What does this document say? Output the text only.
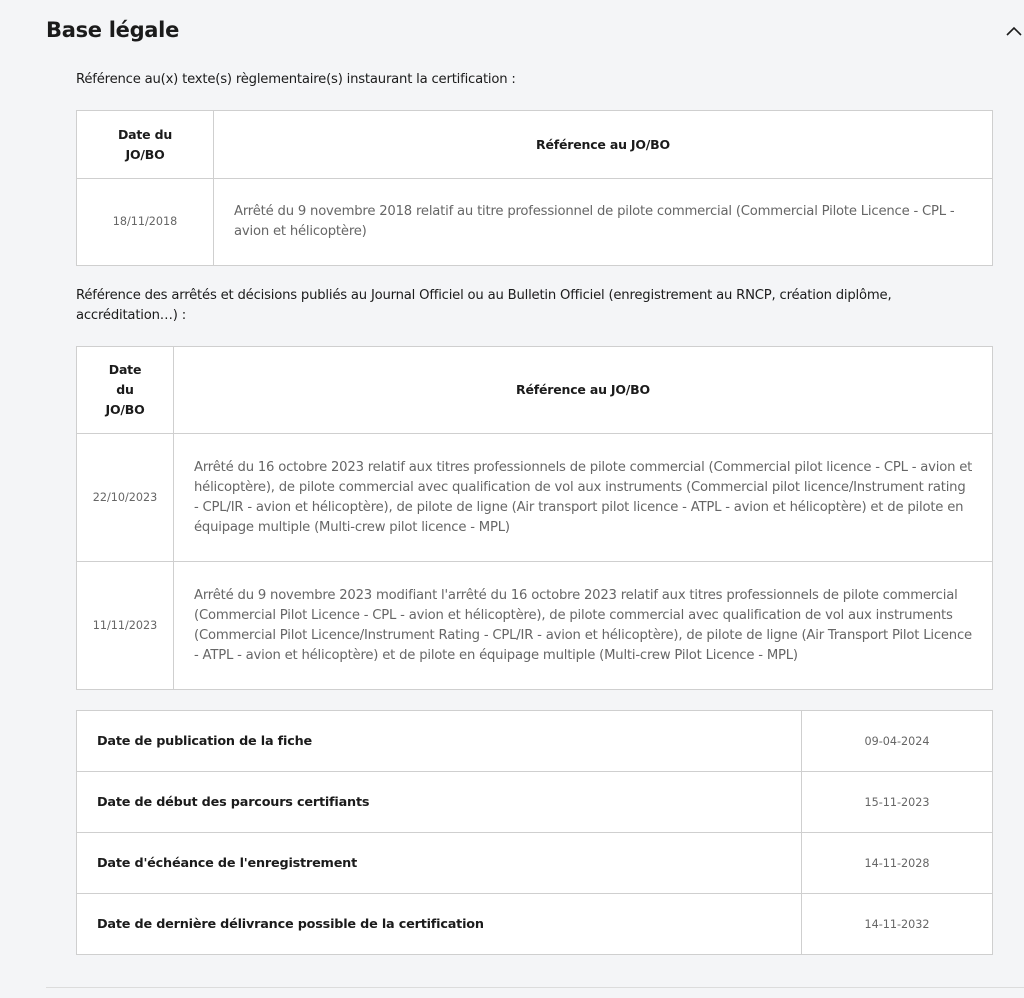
Base légale

Référence au(x) texte(s) règlementaire(s) instaurant la certification :

Date du JO/BO	Référence au JO/BO
18/11/2018	Arrêté du 9 novembre 2018 relatif au titre professionnel de pilote commercial (Commercial Pilote Licence - CPL - avion et hélicoptère)

Référence des arrêtés et décisions publiés au Journal Officiel ou au Bulletin Officiel (enregistrement au RNCP, création diplôme, accréditation…) :

Date du JO/BO	Référence au JO/BO
22/10/2023	Arrêté du 16 octobre 2023 relatif aux titres professionnels de pilote commercial (Commercial pilot licence - CPL - avion et hélicoptère), de pilote commercial avec qualification de vol aux instruments (Commercial pilot licence/Instrument rating - CPL/IR - avion et hélicoptère), de pilote de ligne (Air transport pilot licence - ATPL - avion et hélicoptère) et de pilote en équipage multiple (Multi-crew pilot licence - MPL)
11/11/2023	Arrêté du 9 novembre 2023 modifiant l'arrêté du 16 octobre 2023 relatif aux titres professionnels de pilote commercial (Commercial Pilot Licence - CPL - avion et hélicoptère), de pilote commercial avec qualification de vol aux instruments (Commercial Pilot Licence/Instrument Rating - CPL/IR - avion et hélicoptère), de pilote de ligne (Air Transport Pilot Licence - ATPL - avion et hélicoptère) et de pilote en équipage multiple (Multi-crew Pilot Licence - MPL)
Date de publication de la fiche	09-04-2024
Date de début des parcours certifiants	15-11-2023
Date d'échéance de l'enregistrement	14-11-2028
Date de dernière délivrance possible de la certification	14-11-2032
